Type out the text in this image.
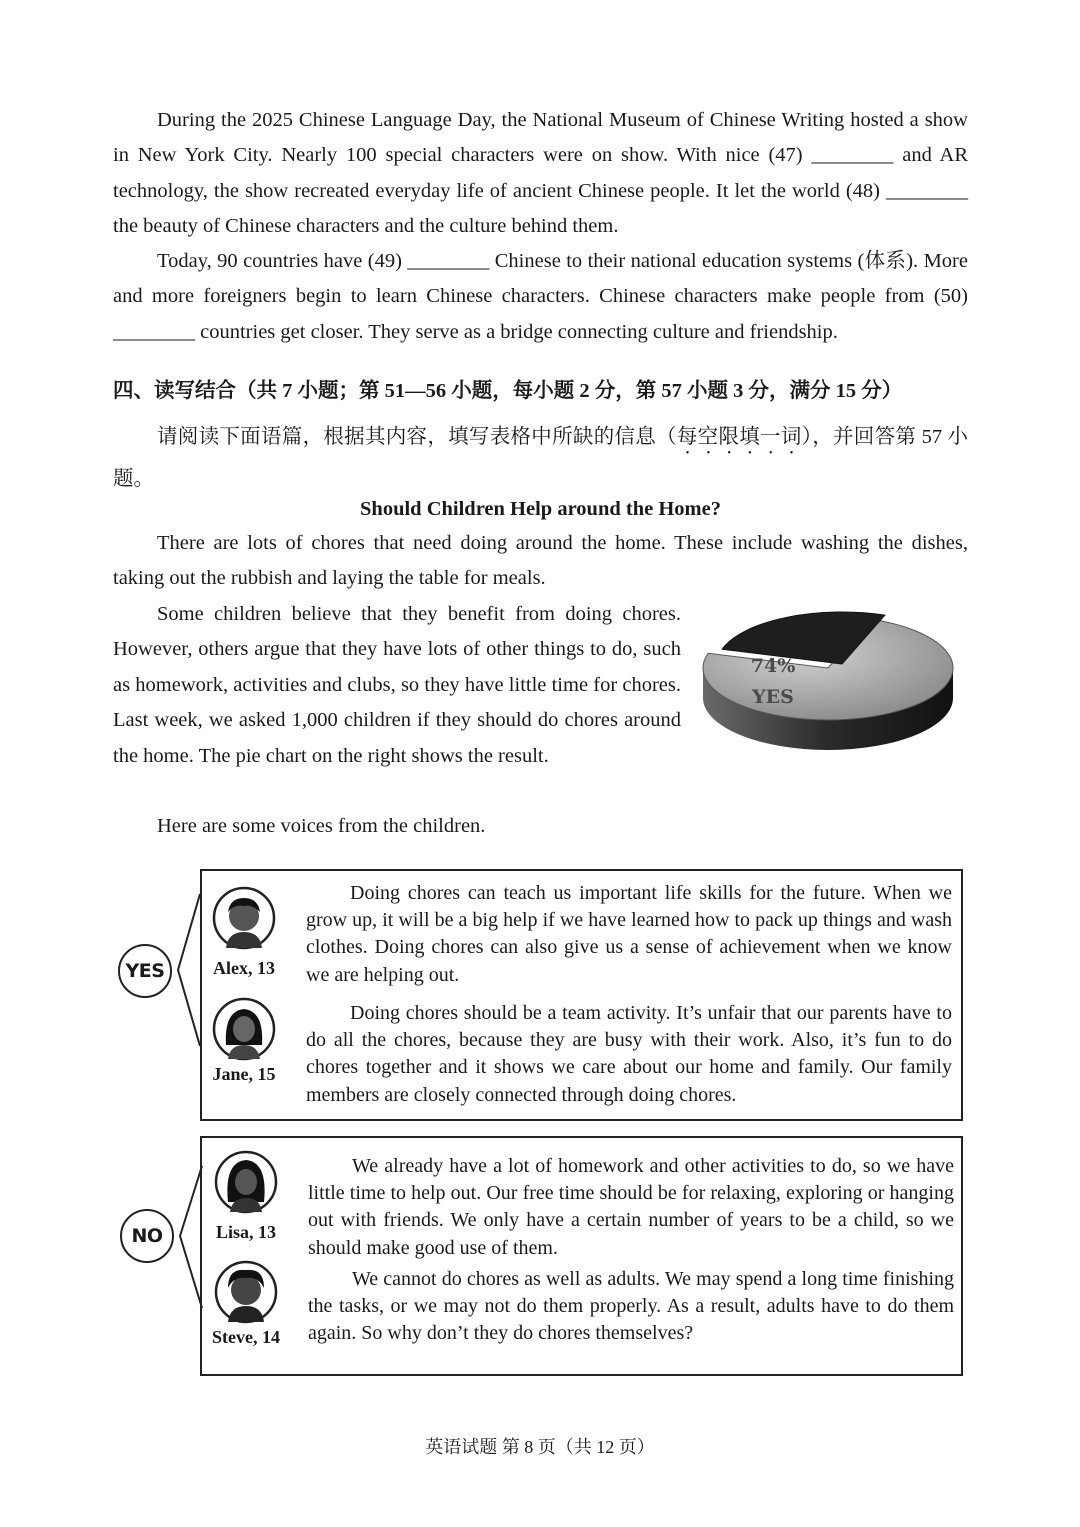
During the 2025 Chinese Language Day, the National Museum of Chinese Writing hosted a show in New York City. Nearly 100 special characters were on show. With nice (47) ________ and AR technology, the show recreated everyday life of ancient Chinese people. It let the world (48) ________ the beauty of Chinese characters and the culture behind them.

Today, 90 countries have (49) ________ Chinese to their national education systems (体系). More and more foreigners begin to learn Chinese characters. Chinese characters make people from (50) ________ countries get closer. They serve as a bridge connecting culture and friendship.

四、读写结合（共 7 小题；第 51—56 小题，每小题 2 分，第 57 小题 3 分，满分 15 分）

请阅读下面语篇，根据其内容，填写表格中所缺的信息（每空限填一词），并回答第 57 小题。

Should Children Help around the Home?

There are lots of chores that need doing around the home. These include washing the dishes, taking out the rubbish and laying the table for meals.

Some children believe that they benefit from doing chores. However, others argue that they have lots of other things to do, such as homework, activities and clubs, so they have little time for chores. Last week, we asked 1,000 children if they should do chores around the home. The pie chart on the right shows the result.

Here are some voices from the children.

74%
YES
YES	Alex, 13

Doing chores can teach us important life skills for the future. When we grow up, it will be a big help if we have learned how to pack up things and wash clothes. Doing chores can also give us a sense of achievement when we know we are helping out.

Jane, 15

Doing chores should be a team activity. It’s unfair that our parents have to do all the chores, because they are busy with their work. Also, it’s fun to do chores together and it shows we care about our home and family. Our family members are closely connected through doing chores.

NO	Lisa, 13

We already have a lot of homework and other activities to do, so we have little time to help out. Our free time should be for relaxing, exploring or hanging out with friends. We only have a certain number of years to be a child, so we should make good use of them.

Steve, 14

We cannot do chores as well as adults. We may spend a long time finishing the tasks, or we may not do them properly. As a result, adults have to do them again. So why don’t they do chores themselves?

英语试题 第 8 页（共 12 页）
